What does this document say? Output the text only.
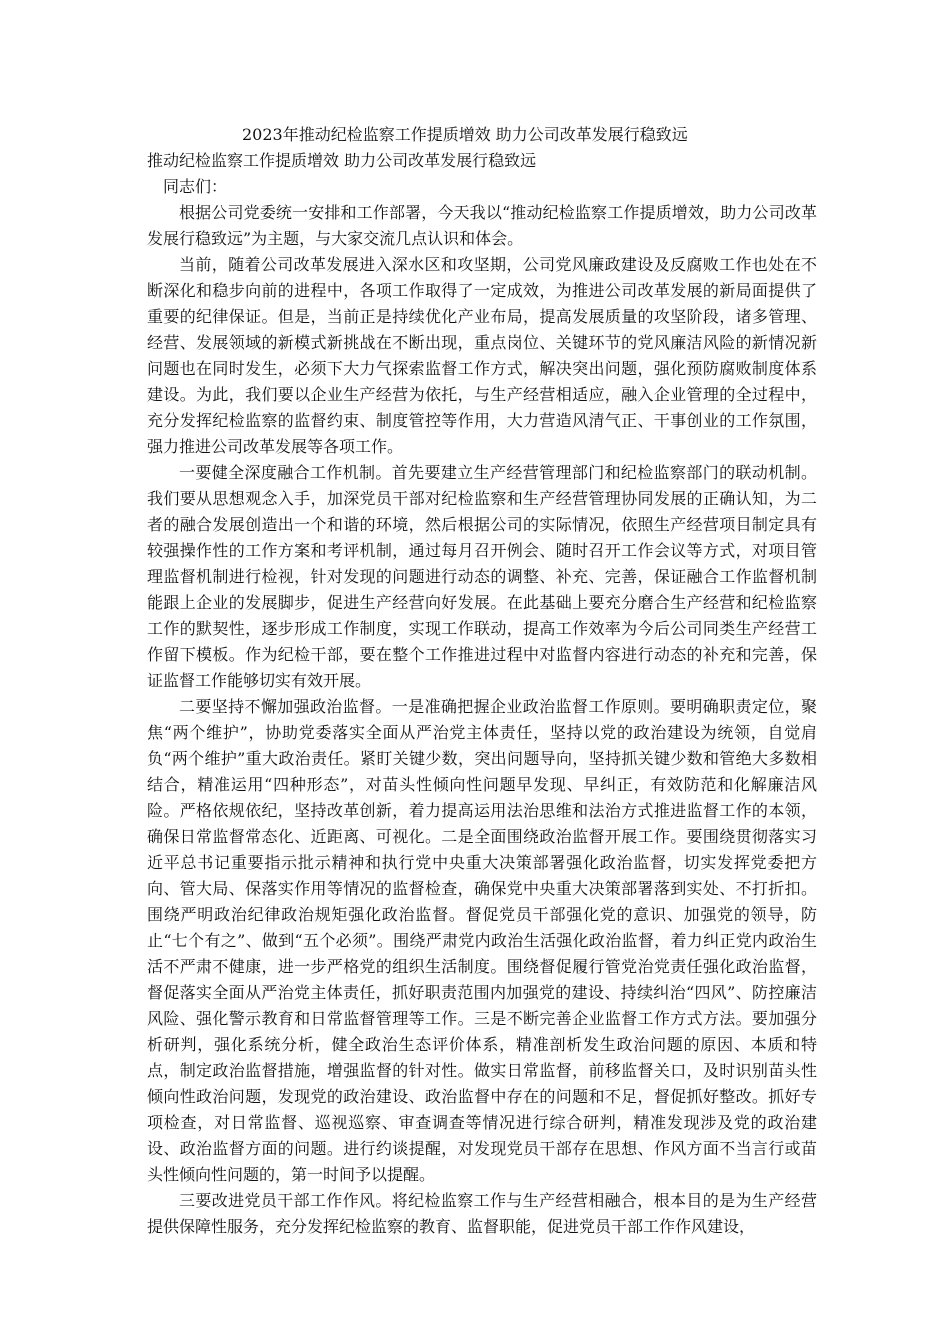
2023年推动纪检监察工作提质增效 助力公司改革发展行稳致远
推动纪检监察工作提质增效 助力公司改革发展行稳致远

同志们：

根据公司党委统一安排和工作部署，今天我以“推动纪检监察工作提质增效，助力公司改革发展行稳致远”为主题，与大家交流几点认识和体会。

当前，随着公司改革发展进入深水区和攻坚期，公司党风廉政建设及反腐败工作也处在不断深化和稳步向前的进程中，各项工作取得了一定成效，为推进公司改革发展的新局面提供了重要的纪律保证。但是，当前正是持续优化产业布局，提高发展质量的攻坚阶段，诸多管理、经营、发展领域的新模式新挑战在不断出现，重点岗位、关键环节的党风廉洁风险的新情况新问题也在同时发生，必须下大力气探索监督工作方式，解决突出问题，强化预防腐败制度体系建设。为此，我们要以企业生产经营为依托，与生产经营相适应，融入企业管理的全过程中，充分发挥纪检监察的监督约束、制度管控等作用，大力营造风清气正、干事创业的工作氛围，强力推进公司改革发展等各项工作。

一要健全深度融合工作机制。首先要建立生产经营管理部门和纪检监察部门的联动机制。我们要从思想观念入手，加深党员干部对纪检监察和生产经营管理协同发展的正确认知，为二者的融合发展创造出一个和谐的环境，然后根据公司的实际情况，依照生产经营项目制定具有较强操作性的工作方案和考评机制，通过每月召开例会、随时召开工作会议等方式，对项目管理监督机制进行检视，针对发现的问题进行动态的调整、补充、完善，保证融合工作监督机制能跟上企业的发展脚步，促进生产经营向好发展。在此基础上要充分磨合生产经营和纪检监察工作的默契性，逐步形成工作制度，实现工作联动，提高工作效率为今后公司同类生产经营工作留下模板。作为纪检干部，要在整个工作推进过程中对监督内容进行动态的补充和完善，保证监督工作能够切实有效开展。

二要坚持不懈加强政治监督。一是准确把握企业政治监督工作原则。要明确职责定位，聚焦“两个维护”，协助党委落实全面从严治党主体责任，坚持以党的政治建设为统领，自觉肩负“两个维护”重大政治责任。紧盯关键少数，突出问题导向，坚持抓关键少数和管绝大多数相结合，精准运用“四种形态”，对苗头性倾向性问题早发现、早纠正，有效防范和化解廉洁风险。严格依规依纪，坚持改革创新，着力提高运用法治思维和法治方式推进监督工作的本领，确保日常监督常态化、近距离、可视化。二是全面围绕政治监督开展工作。要围绕贯彻落实习近平总书记重要指示批示精神和执行党中央重大决策部署强化政治监督，切实发挥党委把方向、管大局、保落实作用等情况的监督检查，确保党中央重大决策部署落到实处、不打折扣。围绕严明政治纪律政治规矩强化政治监督。督促党员干部强化党的意识、加强党的领导，防止“七个有之”、做到“五个必须”。围绕严肃党内政治生活强化政治监督，着力纠正党内政治生活不严肃不健康，进一步严格党的组织生活制度。围绕督促履行管党治党责任强化政治监督，督促落实全面从严治党主体责任，抓好职责范围内加强党的建设、持续纠治“四风”、防控廉洁风险、强化警示教育和日常监督管理等工作。三是不断完善企业监督工作方式方法。要加强分析研判，强化系统分析，健全政治生态评价体系，精准剖析发生政治问题的原因、本质和特点，制定政治监督措施，增强监督的针对性。做实日常监督，前移监督关口，及时识别苗头性倾向性政治问题，发现党的政治建设、政治监督中存在的问题和不足，督促抓好整改。抓好专项检查，对日常监督、巡视巡察、审查调查等情况进行综合研判，精准发现涉及党的政治建设、政治监督方面的问题。进行约谈提醒，对发现党员干部存在思想、作风方面不当言行或苗头性倾向性问题的，第一时间予以提醒。

三要改进党员干部工作作风。将纪检监察工作与生产经营相融合，根本目的是为生产经营提供保障性服务，充分发挥纪检监察的教育、监督职能，促进党员干部工作作风建设，
